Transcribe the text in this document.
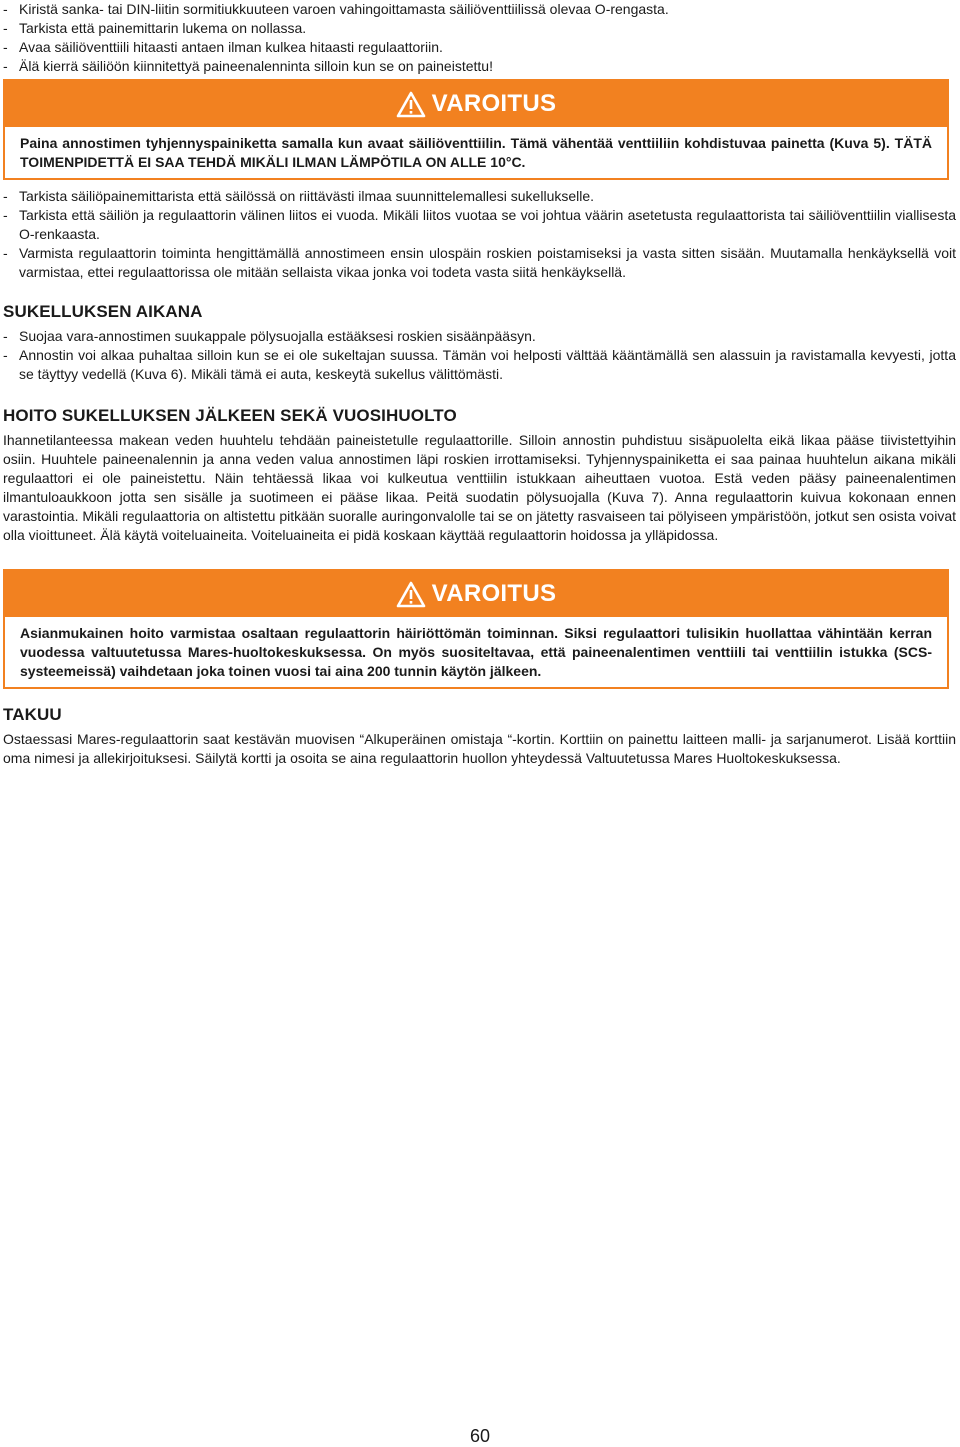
- Kiristä sanka- tai DIN-liitin sormitiukkuuteen varoen vahingoittamasta säiliöventtiilissä olevaa O-rengasta.

- Tarkista että painemittarin lukema on nollassa.

- Avaa säiliöventtiili hitaasti antaen ilman kulkea hitaasti regulaattoriin.

- Älä kierrä säiliöön kiinnitettyä paineenalenninta silloin kun se on paineistettu!

VAROITUS
Paina annostimen tyhjennyspainiketta samalla kun avaat säiliöventtiilin. Tämä vähentää venttiiliin kohdistuvaa painetta (Kuva 5). TÄTÄ TOIMENPIDETTÄ EI SAA TEHDÄ MIKÄLI ILMAN LÄMPÖTILA ON ALLE 10°C.

- Tarkista säiliöpainemittarista että säilössä on riittävästi ilmaa suunnittelemallesi sukellukselle.

- Tarkista että säiliön ja regulaattorin välinen liitos ei vuoda. Mikäli liitos vuotaa se voi johtua väärin asetetusta regulaattorista tai säiliöventtiilin viallisesta O-renkaasta.

- Varmista regulaattorin toiminta hengittämällä annostimeen ensin ulospäin roskien poistamiseksi ja vasta sitten sisään. Muutamalla henkäyksellä voit varmistaa, ettei regulaattorissa ole mitään sellaista vikaa jonka voi todeta vasta siitä henkäyksellä.

SUKELLUKSEN AIKANA

- Suojaa vara-annostimen suukappale pölysuojalla estääksesi roskien sisäänpääsyn.

- Annostin voi alkaa puhaltaa silloin kun se ei ole sukeltajan suussa. Tämän voi helposti välttää kääntämällä sen alassuin ja ravistamalla kevyesti, jotta se täyttyy vedellä (Kuva 6). Mikäli tämä ei auta, keskeytä sukellus välittömästi.

HOITO SUKELLUKSEN JÄLKEEN SEKÄ VUOSIHUOLTO

Ihannetilanteessa makean veden huuhtelu tehdään paineistetulle regulaattorille. Silloin annostin puhdistuu sisäpuolelta eikä likaa pääse tiivistettyihin osiin. Huuhtele paineenalennin ja anna veden valua annostimen läpi roskien irrottamiseksi. Tyhjennyspainiketta ei saa painaa huuhtelun aikana mikäli regulaattori ei ole paineistettu. Näin tehtäessä likaa voi kulkeutua venttiilin istukkaan aiheuttaen vuotoa. Estä veden pääsy paineenalentimen ilmantuloaukkoon jotta sen sisälle ja suotimeen ei pääse likaa. Peitä suodatin pölysuojalla (Kuva 7). Anna regulaattorin kuivua kokonaan ennen varastointia. Mikäli regulaattoria on altistettu pitkään suoralle auringonvalolle tai se on jätetty rasvaiseen tai pölyiseen ympäristöön, jotkut sen osista voivat olla vioittuneet. Älä käytä voiteluaineita. Voiteluaineita ei pidä koskaan käyttää regulaattorin hoidossa ja ylläpidossa.

VAROITUS
Asianmukainen hoito varmistaa osaltaan regulaattorin häiriöttömän toiminnan. Siksi regulaattori tulisikin huollattaa vähintään kerran vuodessa valtuutetussa Mares-huoltokeskuksessa. On myös suositeltavaa, että paineenalentimen venttiili tai venttiilin istukka (SCS-systeemeissä) vaihdetaan joka toinen vuosi tai aina 200 tunnin käytön jälkeen.
TAKUU

Ostaessasi Mares-regulaattorin saat kestävän muovisen “Alkuperäinen omistaja “-kortin. Korttiin on painettu laitteen malli- ja sarjanumerot. Lisää korttiin oma nimesi ja allekirjoituksesi. Säilytä kortti ja osoita se aina regulaattorin huollon yhteydessä Valtuutetussa Mares Huoltokeskuksessa.

60
